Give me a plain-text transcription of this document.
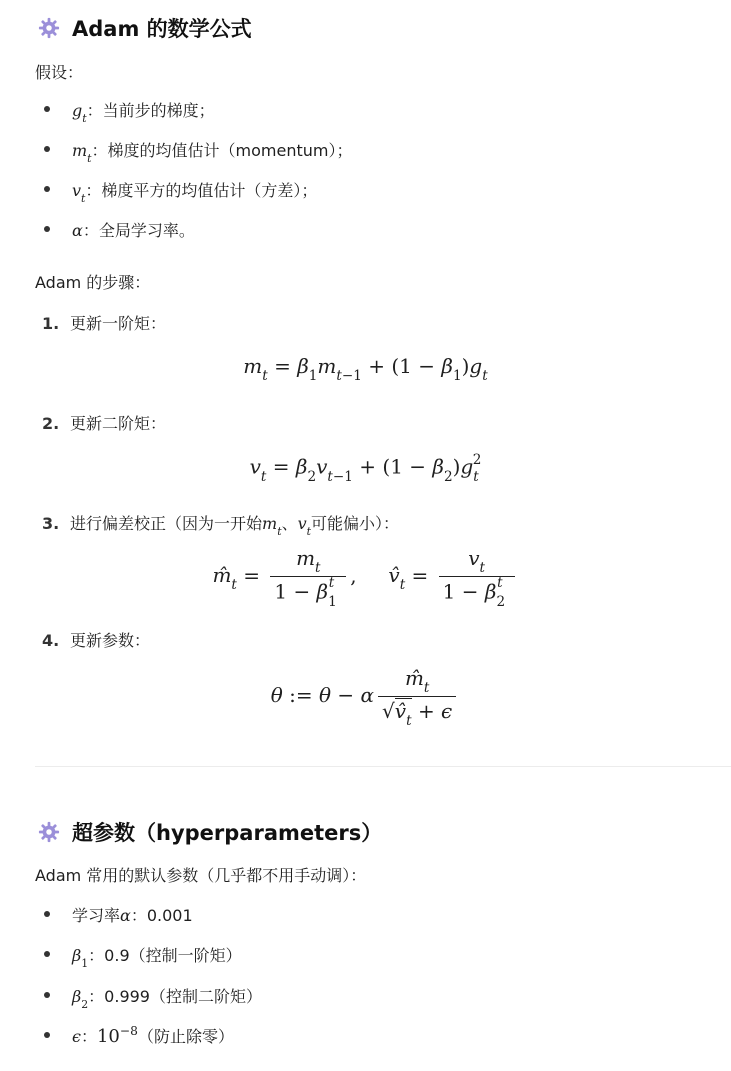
Adam 的数学公式
假设：
$g_t$ ：当前步的梯度；
$m_t$ ：梯度的均值估计（momentum）；
$v_t$ ：梯度平方的均值估计（方差）；
α ：全局学习率。
Adam 的步骤：
1. 更新一阶矩：
$m_t = \beta_1m_{t-1} + (1 - \beta_1)g_t$
2. 更新二阶矩：
$v_t = \beta_2v_{t-1} + (1 - \beta_2)g_t^2$
3. 进行偏差校正（因为一开始 $m_t$ 、 $v_t$ 可能偏小）：
$m̂_t = \frac{m_t}{1 - \beta_1^t}$ , $v̂_t = \frac{v_t}{1 - \beta_2^t}$
4. 更新参数：
θ := θ − α $\frac{m̂_t}{√v̂_t + \epsilon}$
超参数（hyperparameters）
Adam 常用的默认参数（几乎都不用手动调）：
学习率 α ：0.001
$\beta_1$ ：0.9（控制一阶矩）
$\beta_2$ ：0.999（控制二阶矩）
ϵ ： $10^{-8}$ （防止除零）
